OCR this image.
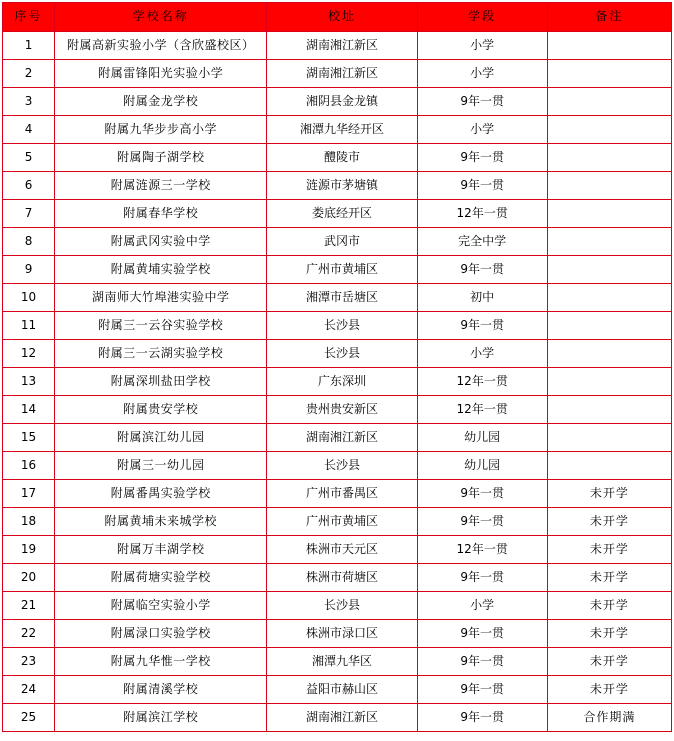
序号	学校名称	校址	学段	备注
1	附属高新实验小学（含欣盛校区）	湖南湘江新区	小学	
2	附属雷锋阳光实验小学	湖南湘江新区	小学	
3	附属金龙学校	湘阴县金龙镇	9年一贯	
4	附属九华步步高小学	湘潭九华经开区	小学	
5	附属陶子湖学校	醴陵市	9年一贯	
6	附属涟源三一学校	涟源市茅塘镇	9年一贯	
7	附属春华学校	娄底经开区	12年一贯	
8	附属武冈实验中学	武冈市	完全中学	
9	附属黄埔实验学校	广州市黄埔区	9年一贯	
10	湖南师大竹埠港实验中学	湘潭市岳塘区	初中	
11	附属三一云谷实验学校	长沙县	9年一贯	
12	附属三一云湖实验学校	长沙县	小学	
13	附属深圳盐田学校	广东深圳	12年一贯	
14	附属贵安学校	贵州贵安新区	12年一贯	
15	附属滨江幼儿园	湖南湘江新区	幼儿园	
16	附属三一幼儿园	长沙县	幼儿园	
17	附属番禺实验学校	广州市番禺区	9年一贯	未开学
18	附属黄埔未来城学校	广州市黄埔区	9年一贯	未开学
19	附属万丰湖学校	株洲市天元区	12年一贯	未开学
20	附属荷塘实验学校	株洲市荷塘区	9年一贯	未开学
21	附属临空实验小学	长沙县	小学	未开学
22	附属渌口实验学校	株洲市渌口区	9年一贯	未开学
23	附属九华惟一学校	湘潭九华区	9年一贯	未开学
24	附属清溪学校	益阳市赫山区	9年一贯	未开学
25	附属滨江学校	湖南湘江新区	9年一贯	合作期满
